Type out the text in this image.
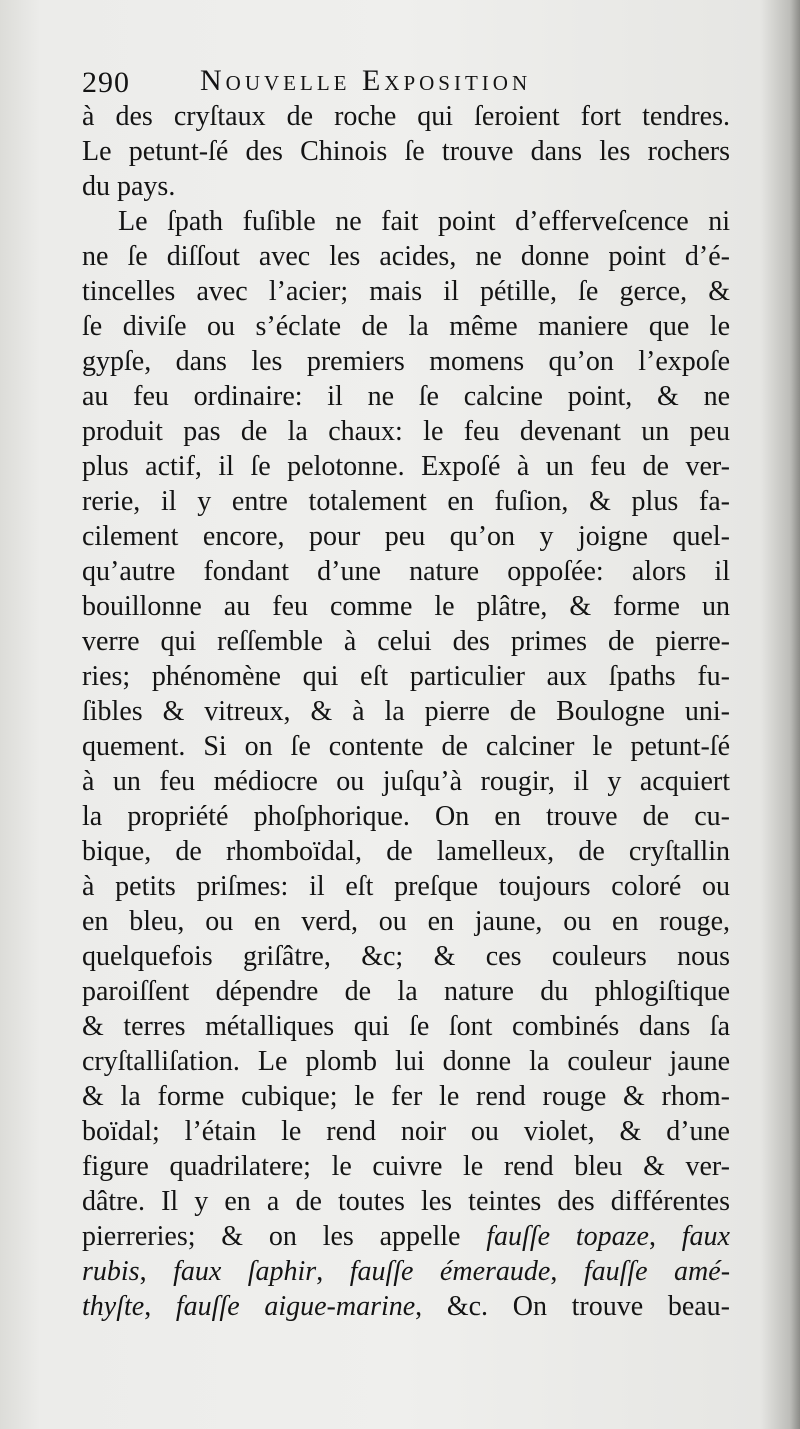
290 Nouvelle Exposition
à des cryſtaux de roche qui ſeroient fort tendres.
Le petunt-ſé des Chinois ſe trouve dans les rochers
du pays.
Le ſpath fuſible ne fait point d’effervеſcence ni
ne ſe diſſout avec les acides, ne donne point d’é-
tincelles avec l’acier; mais il pétille, ſe gerce, &
ſe diviſe ou s’éclate de la même maniere que le
gypſe, dans les premiers momens qu’on l’expoſe
au feu ordinaire: il ne ſe calcine point, & ne
produit pas de la chaux: le feu devenant un peu
plus actif, il ſe pelotonne. Expoſé à un feu de ver-
rerie, il y entre totalement en fuſion, & plus fa-
cilement encore, pour peu qu’on y joigne quel-
qu’autre fondant d’une nature oppoſée: alors il
bouillonne au feu comme le plâtre, & forme un
verre qui reſſemble à celui des primes de pierre-
ries; phénomène qui eſt particulier aux ſpaths fu-
ſibles & vitreux, & à la pierre de Boulogne uni-
quement. Si on ſe contente de calciner le petunt-ſé
à un feu médiocre ou juſqu’à rougir, il y acquiert
la propriété phoſphorique. On en trouve de cu-
bique, de rhomboïdal, de lamelleux, de cryſtallin
à petits priſmes: il eſt preſque toujours coloré ou
en bleu, ou en verd, ou en jaune, ou en rouge,
quelquefois griſâtre, &c; & ces couleurs nous
paroiſſent dépendre de la nature du phlogiſtique
& terres métalliques qui ſe ſont combinés dans ſa
cryſtalliſation. Le plomb lui donne la couleur jaune
& la forme cubique; le fer le rend rouge & rhom-
boïdal; l’étain le rend noir ou violet, & d’une
figure quadrilatere; le cuivre le rend bleu & ver-
dâtre. Il y en a de toutes les teintes des différentes
pierreries; & on les appelle fauſſe topaze, faux
rubis, faux ſaphir, fauſſe émeraude, fauſſe amé-
thyſte, fauſſe aigue-marine, &c. On trouve beau-
